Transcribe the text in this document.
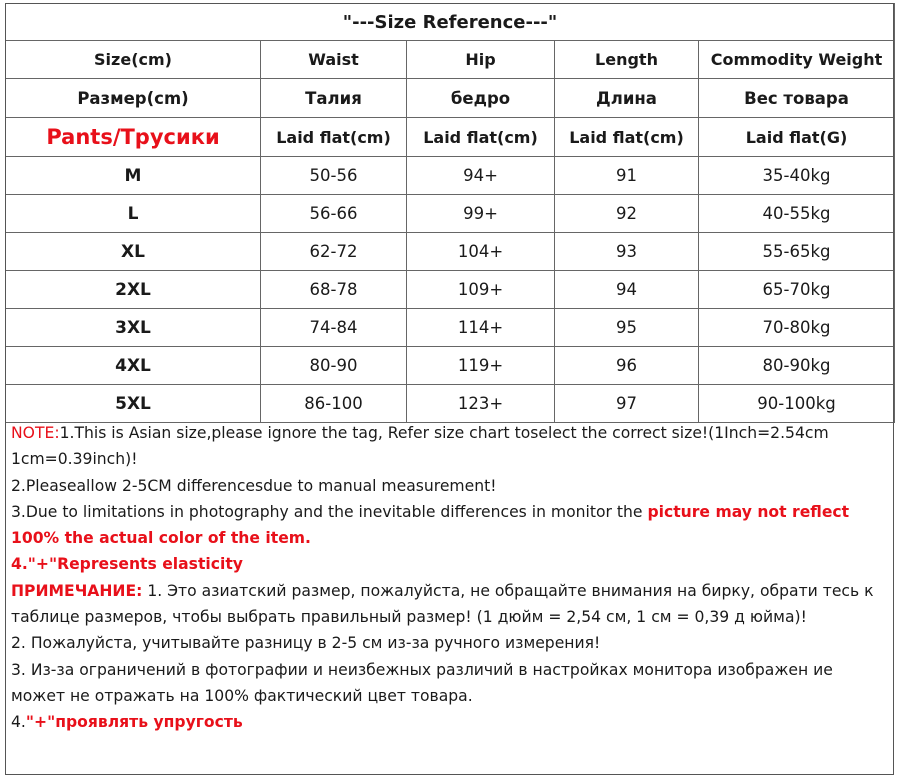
"---Size Reference---"				
Size(cm)	Waist	Hip	Length	Commodity Weight
Размер(cm)	Талия	бедро	Длина	Вес товара
Pants/Трусики	Laid flat(cm)	Laid flat(cm)	Laid flat(cm)	Laid flat(G)
M	50-56	94+	91	35-40kg
L	56-66	99+	92	40-55kg
XL	62-72	104+	93	55-65kg
2XL	68-78	109+	94	65-70kg
3XL	74-84	114+	95	70-80kg
4XL	80-90	119+	96	80-90kg
5XL	86-100	123+	97	90-100kg

NOTE:1.This is Asian size,please ignore the tag, Refer size chart toselect the correct size!(1Inch=2.54cm 1cm=0.39inch)!

2.Pleaseallow 2-5CM differencesdue to manual measurement!

3.Due to limitations in photography and the inevitable differences in monitor the picture may not reflect 100% the actual color of the item.

4."+"Represents elasticity

ПРИМЕЧАНИЕ: 1. Это азиатский размер, пожалуйста, не обращайте внимания на бирку, обрати тесь к таблице размеров, чтобы выбрать правильный размер! (1 дюйм = 2,54 см, 1 см = 0,39 д юйма)!

2. Пожалуйста, учитывайте разницу в 2-5 см из-за ручного измерения!

3. Из-за ограничений в фотографии и неизбежных различий в настройках монитора изображен ие может не отражать на 100% фактический цвет товара.

4."+"проявлять упругость
